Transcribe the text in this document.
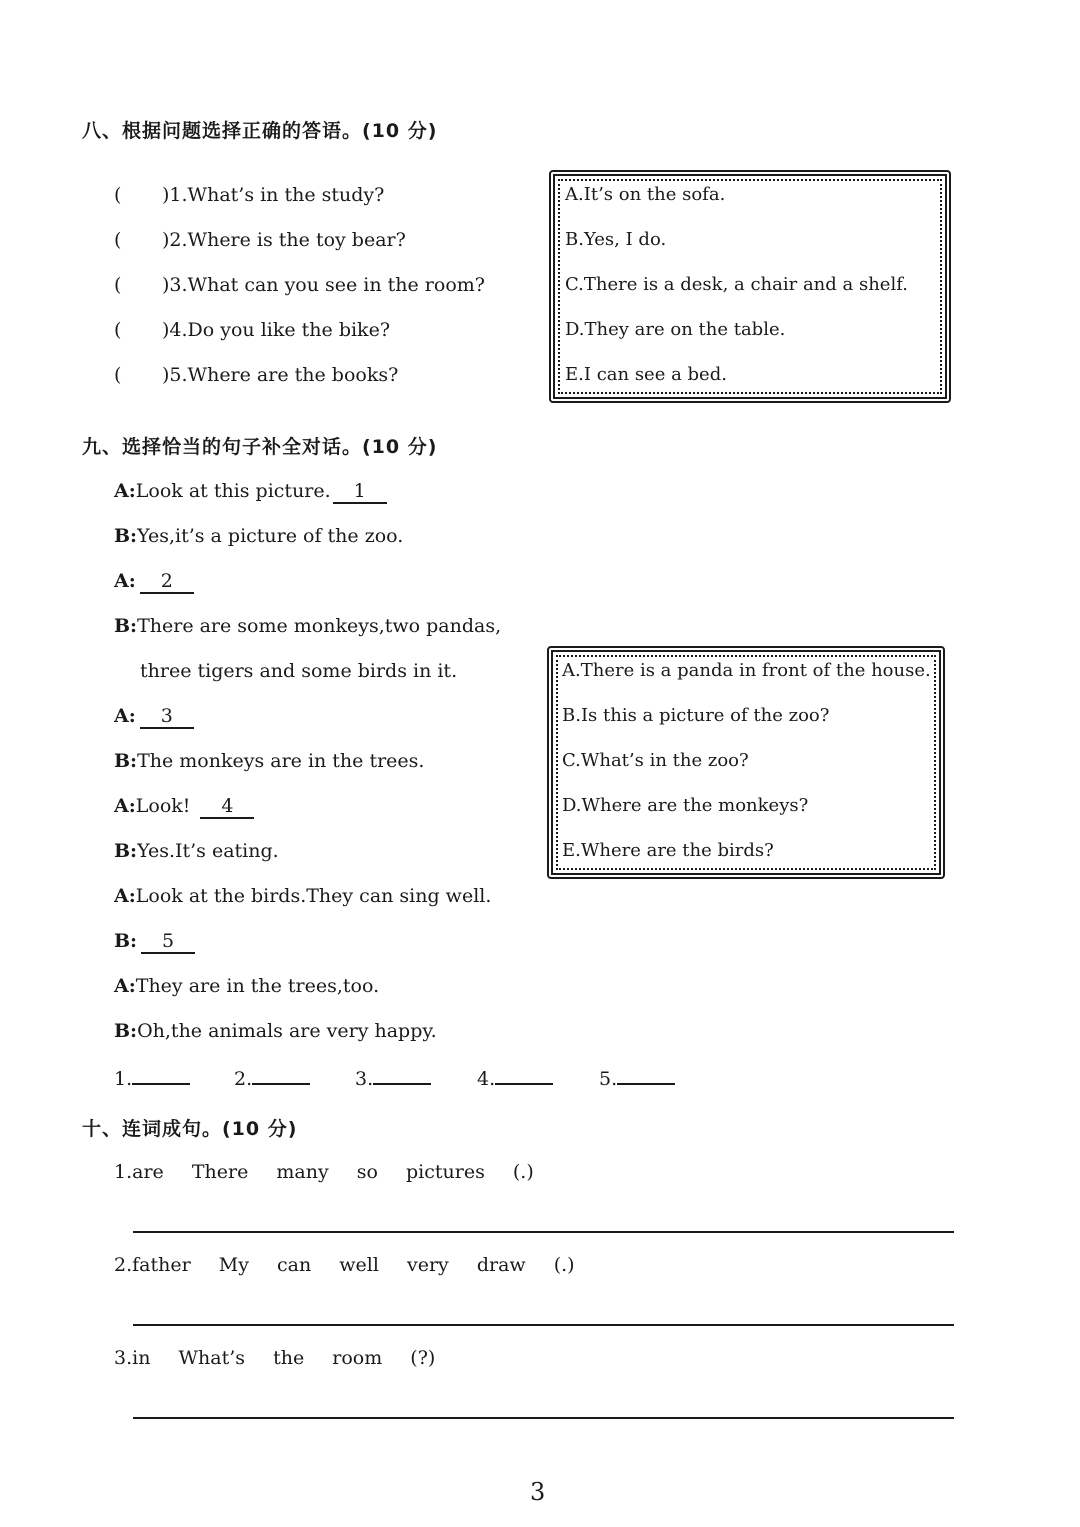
八、根据问题选择正确的答语。(10 分)
( )1.What’s in the study?
( )2.Where is the toy bear?
( )3.What can you see in the room?
( )4.Do you like the bike?
( )5.Where are the books?
A.It’s on the sofa.
B.Yes, I do.
C.There is a desk, a chair and a shelf.
D.They are on the table.
E.I can see a bed.
九、选择恰当的句子补全对话。(10 分)
A:Look at this picture. 1
B:Yes,it’s a picture of the zoo.
A: 2
B:There are some monkeys,two pandas,
three tigers and some birds in it.
A: 3
B:The monkeys are in the trees.
A:Look! 4
B:Yes.It’s eating.
A:Look at the birds.They can sing well.
B: 5
A:They are in the trees,too.
B:Oh,the animals are very happy.
A.There is a panda in front of the house.
B.Is this a picture of the zoo?
C.What’s in the zoo?
D.Where are the monkeys?
E.Where are the birds?
1.	2.	3.	4.	5.
十、连词成句。(10 分)
1.are There many so pictures (.)
2.father My can well very draw (.)
3.in What’s the room (?)
3
